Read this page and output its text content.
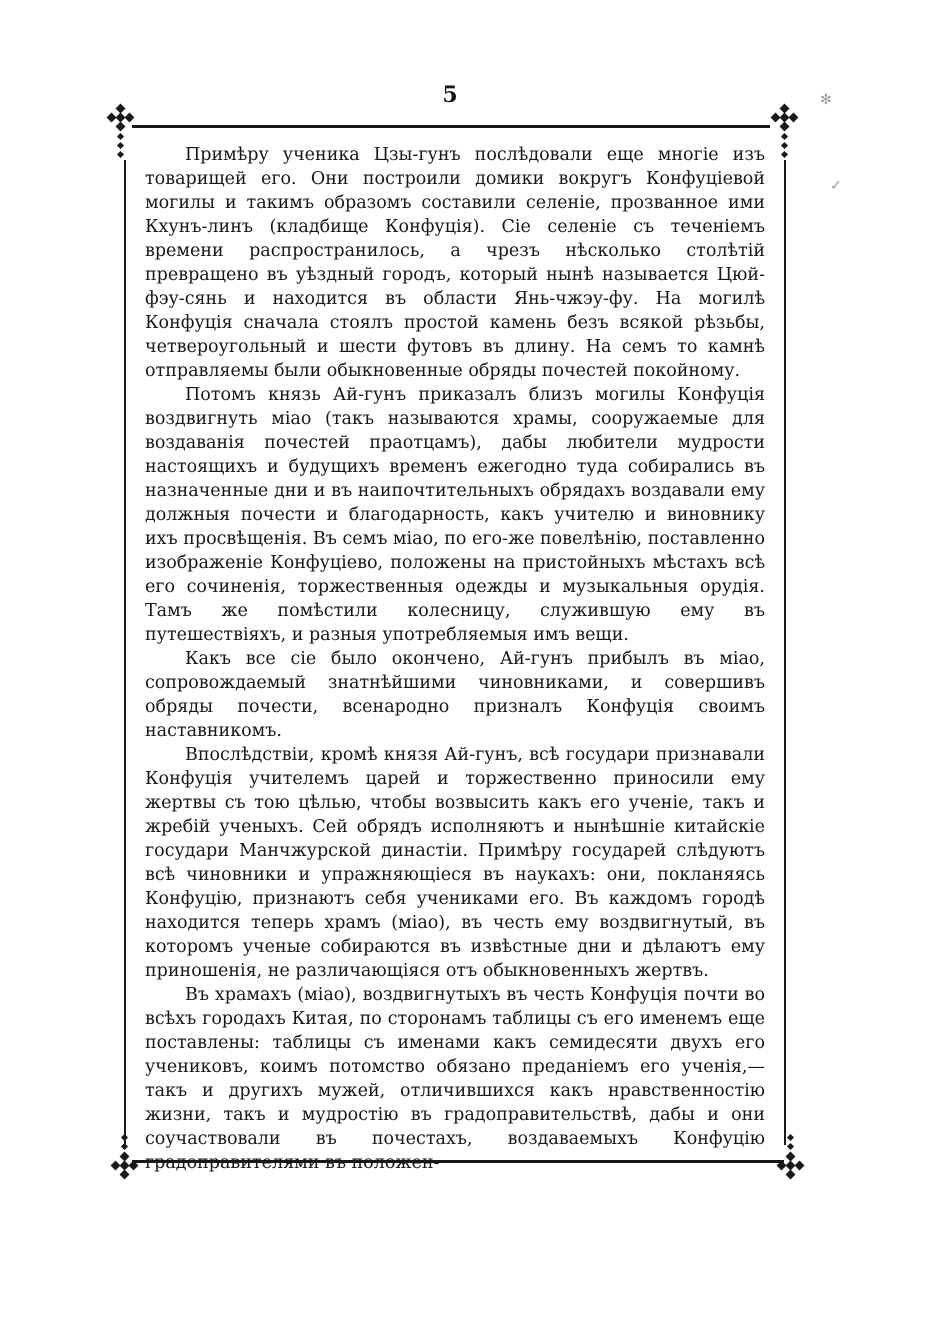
✻
✓
5

Примѣру ученика Цзы-гунъ послѣдовали еще многіе изъ товарищей его. Они построили домики вокругъ Конфуціевой могилы и такимъ образомъ составили селеніе, прозванное ими Кхунъ-линъ (кладбище Конфуція). Сіе селеніе съ теченіемъ времени распространилось, а чрезъ нѣсколько столѣтій превращено въ уѣздный городъ, который нынѣ называется Цюй-фэу-сянь и находится въ области Янь-чжэу-фу. На могилѣ Конфуція сначала стоялъ простой камень безъ всякой рѣзьбы, четвероугольный и шести футовъ въ длину. На семъ то камнѣ отправляемы были обыкновенные обряды почестей покойному.

Потомъ князь Ай-гунъ приказалъ близъ могилы Конфуція воздвигнуть міао (такъ называются храмы, сооружаемые для воздаванія почестей праотцамъ), дабы любители мудрости настоящихъ и будущихъ временъ ежегодно туда собирались въ назначенные дни и въ наипочтительныхъ обрядахъ воздавали ему должныя почести и благодарность, какъ учителю и виновнику ихъ просвѣщенія. Въ семъ міао, по его-же повелѣнію, поставленно изображеніе Конфуціево, положены на пристойныхъ мѣстахъ всѣ его сочиненія, торжественныя одежды и музыкальныя орудія. Тамъ же помѣстили колесницу, служившую ему въ путешествіяхъ, и разныя употребляемыя имъ вещи.

Какъ все сіе было окончено, Ай-гунъ прибылъ въ міао, сопровождаемый знатнѣйшими чиновниками, и совершивъ обряды почести, всенародно призналъ Конфуція своимъ наставникомъ.

Впослѣдствіи, кромѣ князя Ай-гунъ, всѣ государи признавали Конфуція учителемъ царей и торжественно приносили ему жертвы съ тою цѣлью, чтобы возвысить какъ его ученіе, такъ и жребій ученыхъ. Сей обрядъ исполняютъ и нынѣшніе китайскіе государи Манчжурской династіи. Примѣру государей слѣдуютъ всѣ чиновники и упражняющіеся въ наукахъ: они, покланяясь Конфуцію, признаютъ себя учениками его. Въ каждомъ городѣ находится теперь храмъ (міао), въ честь ему воздвигнутый, въ которомъ ученые собираются въ извѣстные дни и дѣлаютъ ему приношенія, не различающіяся отъ обыкновенныхъ жертвъ.

Въ храмахъ (міао), воздвигнутыхъ въ честь Конфуція почти во всѣхъ городахъ Китая, по сторонамъ таблицы съ его именемъ еще поставлены: таблицы съ именами какъ семидесяти двухъ его учениковъ, коимъ потомство обязано преданіемъ его ученія,—такъ и другихъ мужей, отличившихся какъ нравственностію жизни, такъ и мудростію въ градоправительствѣ, дабы и они соучаствовали въ почестахъ, воздаваемыхъ Конфуцію градоправителями въ положен-
